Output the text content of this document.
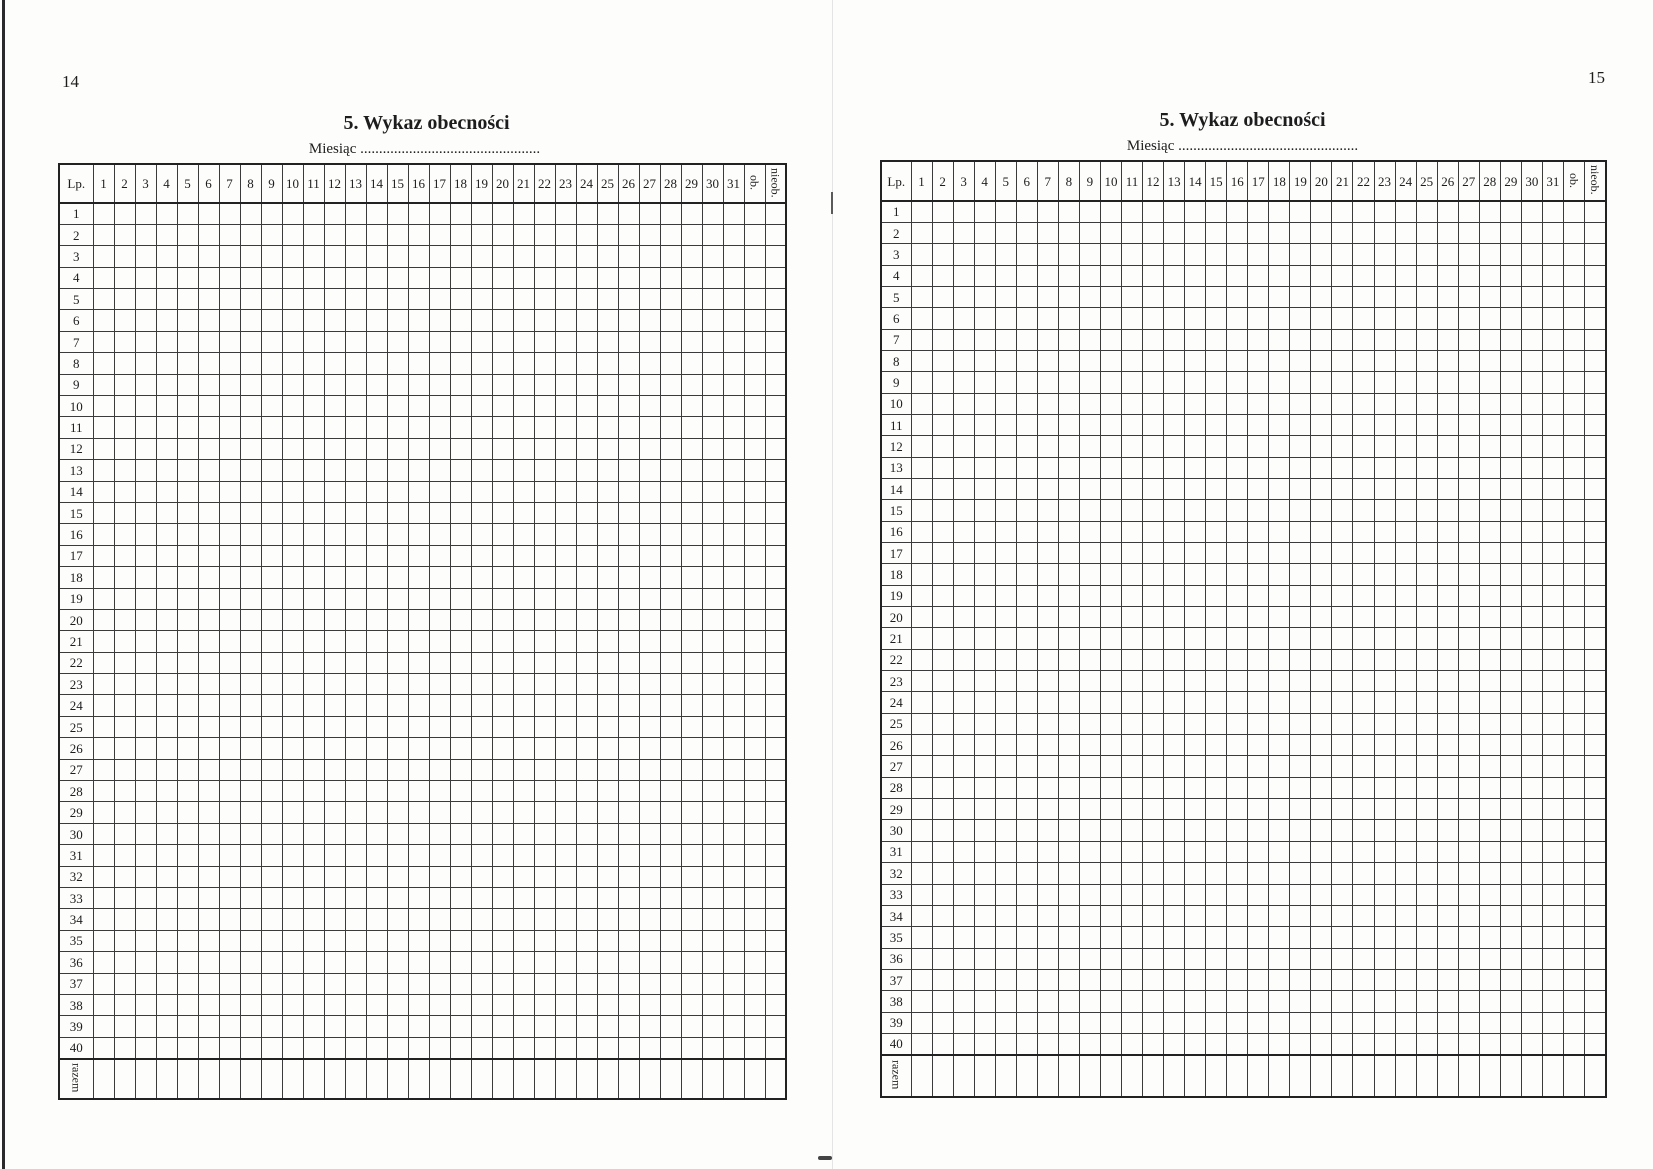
14
5. Wykaz obecności
Miesiąc ................................................
Lp.	1	2	3	4	5	6	7	8	9	10	11	12	13	14	15	16	17	18	19	20	21	22	23	24	25	26	27	28	29	30	31	ob.	nieob.
1																																	
2																																	
3																																	
4																																	
5																																	
6																																	
7																																	
8																																	
9																																	
10																																	
11																																	
12																																	
13																																	
14																																	
15																																	
16																																	
17																																	
18																																	
19																																	
20																																	
21																																	
22																																	
23																																	
24																																	
25																																	
26																																	
27																																	
28																																	
29																																	
30																																	
31																																	
32																																	
33																																	
34																																	
35																																	
36																																	
37																																	
38																																	
39																																	
40																																	
razem																																	
15
5. Wykaz obecności
Miesiąc ................................................
Lp.	1	2	3	4	5	6	7	8	9	10	11	12	13	14	15	16	17	18	19	20	21	22	23	24	25	26	27	28	29	30	31	ob.	nieob.
1																																	
2																																	
3																																	
4																																	
5																																	
6																																	
7																																	
8																																	
9																																	
10																																	
11																																	
12																																	
13																																	
14																																	
15																																	
16																																	
17																																	
18																																	
19																																	
20																																	
21																																	
22																																	
23																																	
24																																	
25																																	
26																																	
27																																	
28																																	
29																																	
30																																	
31																																	
32																																	
33																																	
34																																	
35																																	
36																																	
37																																	
38																																	
39																																	
40																																	
razem																																	
